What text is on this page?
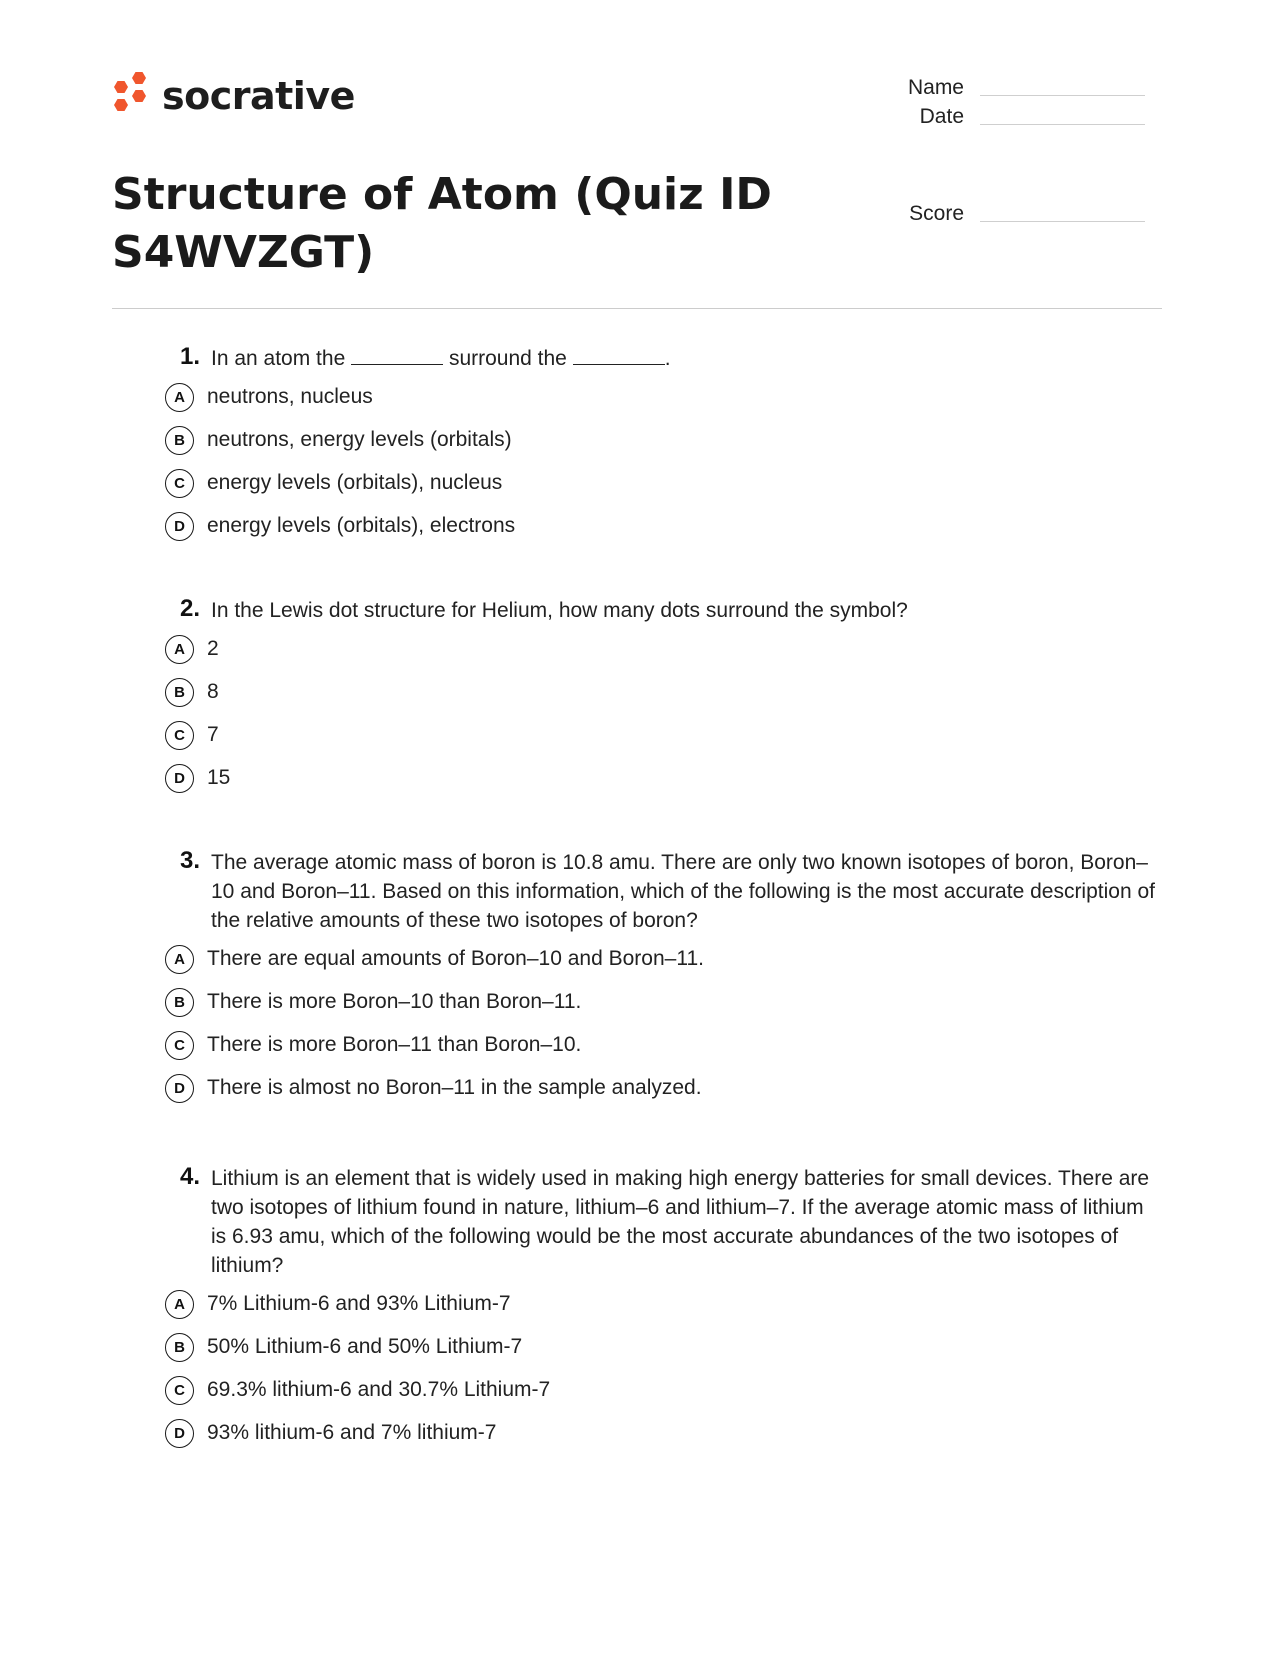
socrative	Name
Date
Score
Structure of Atom (Quiz ID S4WVZGT)
1. In an atom the	surround the	.
A	neutrons, nucleus
B	neutrons, energy levels (orbitals)
C	energy levels (orbitals), nucleus
D	energy levels (orbitals), electrons
2. In the Lewis dot structure for Helium, how many dots surround the symbol?
A	2
B	8
C	7
D	15
3. The average atomic mass of boron is 10.8 amu. There are only two known isotopes of boron, Boron–10 and Boron–11. Based on this information, which of the following is the most accurate description of the relative amounts of these two isotopes of boron?
A	There are equal amounts of Boron–10 and Boron–11.
B	There is more Boron–10 than Boron–11.
C	There is more Boron–11 than Boron–10.
D	There is almost no Boron–11 in the sample analyzed.
4. Lithium is an element that is widely used in making high energy batteries for small devices. There are two isotopes of lithium found in nature, lithium–6 and lithium–7. If the average atomic mass of lithium is 6.93 amu, which of the following would be the most accurate abundances of the two isotopes of lithium?
A	7% Lithium-6 and 93% Lithium-7
B	50% Lithium-6 and 50% Lithium-7
C	69.3% lithium-6 and 30.7% Lithium-7
D	93% lithium-6 and 7% lithium-7
